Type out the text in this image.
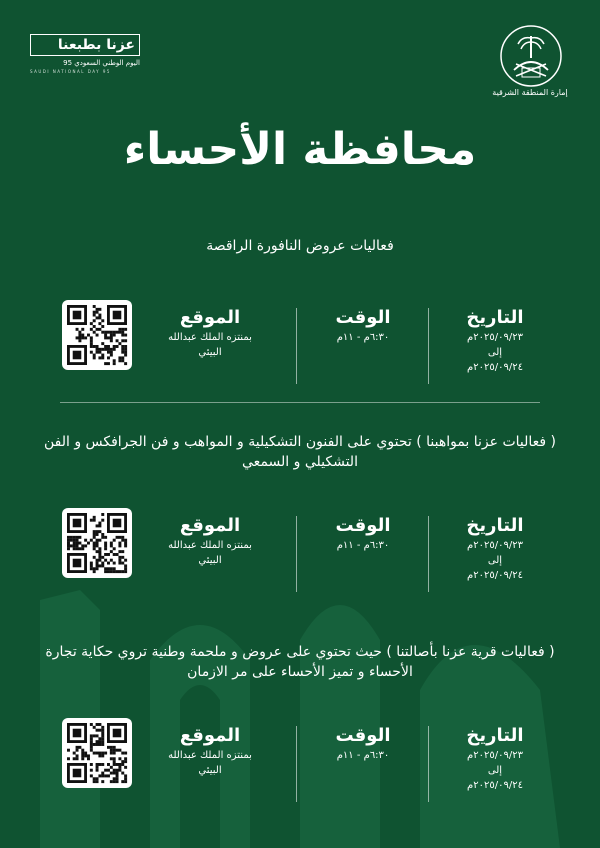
عزنا بطبعنا
اليوم الوطني السعودي 95
SAUDI NATIONAL DAY 95
إمارة المنطقة الشرقية
محافظة الأحساء
فعاليات عروض النافورة الراقصة
التاريخ
٢٠٢٥/٠٩/٢٣م
إلى
٢٠٢٥/٠٩/٢٤م
الوقت
٦:٣٠م - ١١م
الموقع
بمنتزه الملك عبدالله
البيئي
( فعاليات عزنا بمواهبنا ) تحتوي على الفنون التشكيلية و المواهب و فن الجرافكس و الفن التشكيلي و السمعي
التاريخ
٢٠٢٥/٠٩/٢٣م
إلى
٢٠٢٥/٠٩/٢٤م
الوقت
٦:٣٠م - ١١م
الموقع
بمنتزه الملك عبدالله
البيئي
( فعاليات قرية عزنا بأصالتنا ) حيث تحتوي على عروض و ملحمة وطنية تروي حكاية تجارة الأحساء و تميز الأحساء على مر الازمان
التاريخ
٢٠٢٥/٠٩/٢٣م
إلى
٢٠٢٥/٠٩/٢٤م
الوقت
٦:٣٠م - ١١م
الموقع
بمنتزه الملك عبدالله
البيئي
